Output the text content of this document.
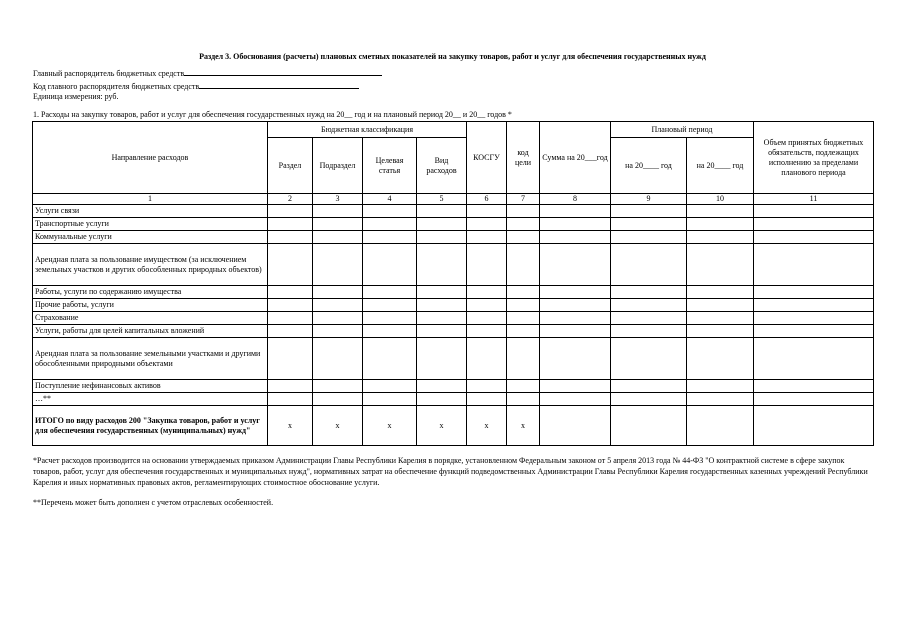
Раздел 3. Обоснования (расчеты) плановых сметных показателей на закупку товаров, работ и услуг для обеспечения государственных нужд
Главный распорядитель бюджетных средств
Код главного распорядителя бюджетных средств
Единица измерения: руб.
1. Расходы на закупку товаров, работ и услуг для обеспечения государственных нужд на 20__ год и на плановый период 20__ и 20__ годов *
Направление расходов	Бюджетная классификация				КОСГУ	код цели	Сумма на 20___год	Плановый период		Объем принятых бюджетных обязательств, подлежащих исполнению за пределами планового периода
	Раздел	Подраздел	Целевая статья	Вид расходов				на 20____ год	на 20____ год	
1	2	3	4	5	6	7	8	9	10	11
Услуги связи										
Транспортные услуги										
Коммунальные услуги										
Арендная плата за пользование имуществом (за исключением земельных участков и других обособленных природных объектов)										
Работы, услуги по содержанию имущества										
Прочие работы, услуги										
Страхование										
Услуги, работы для целей капитальных вложений										
Арендная плата за пользование земельными участками и другими обособленными природными объектами										
Поступление нефинансовых активов										
…**										
ИТОГО по виду расходов 200 "Закупка товаров, работ и услуг для обеспечения государственных (муниципальных) нужд"	х	х	х	х	х	х				

*Расчет расходов производится на основании утверждаемых приказом Администрации Главы Республики Карелия в порядке, установленном Федеральным законом от 5 апреля 2013 года № 44-ФЗ "О контрактной системе в сфере закупок товаров, работ, услуг для обеспечения государственных и муниципальных нужд", нормативных затрат на обеспечение функций подведомственных Администрации Главы Республики Карелия государственных казенных учреждений Республики Карелия и иных нормативных правовых актов, регламентирующих стоимостное обоснование услуги.

**Перечень может быть дополнен с учетом отраслевых особенностей.
